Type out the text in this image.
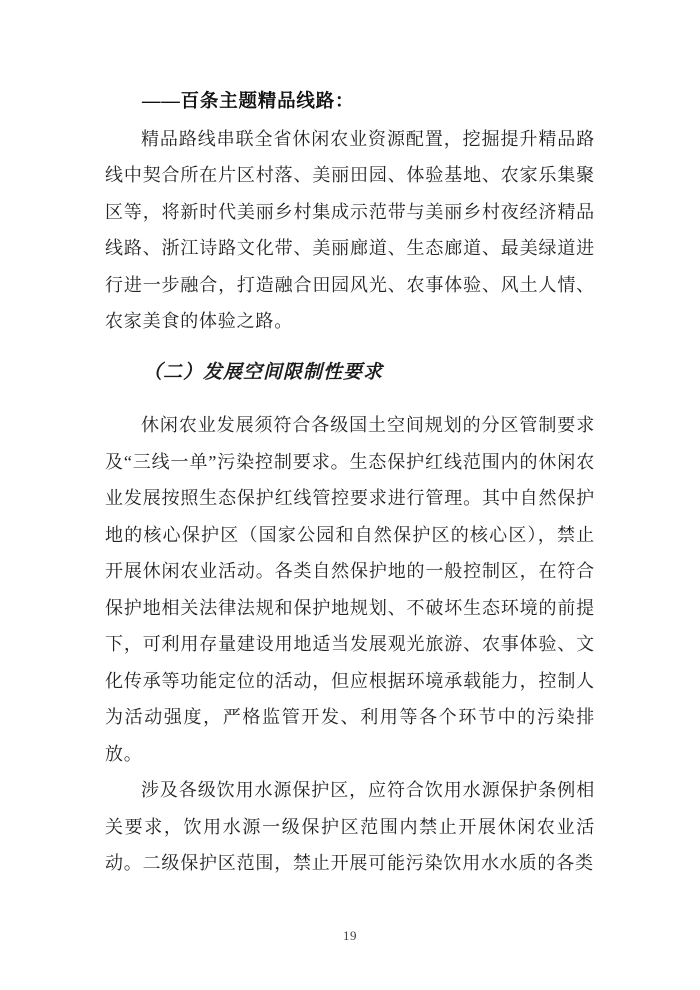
——百条主题精品线路：

精品路线串联全省休闲农业资源配置，挖掘提升精品路线中契合所在片区村落、美丽田园、体验基地、农家乐集聚区等，将新时代美丽乡村集成示范带与美丽乡村夜经济精品线路、浙江诗路文化带、美丽廊道、生态廊道、最美绿道进行进一步融合，打造融合田园风光、农事体验、风土人情、农家美食的体验之路。

（二）发展空间限制性要求

休闲农业发展须符合各级国土空间规划的分区管制要求及“三线一单”污染控制要求。生态保护红线范围内的休闲农业发展按照生态保护红线管控要求进行管理。其中自然保护地的核心保护区（国家公园和自然保护区的核心区），禁止开展休闲农业活动。各类自然保护地的一般控制区，在符合保护地相关法律法规和保护地规划、不破坏生态环境的前提下，可利用存量建设用地适当发展观光旅游、农事体验、文化传承等功能定位的活动，但应根据环境承载能力，控制人为活动强度，严格监管开发、利用等各个环节中的污染排放。

涉及各级饮用水源保护区，应符合饮用水源保护条例相关要求，饮用水源一级保护区范围内禁止开展休闲农业活动。二级保护区范围，禁止开展可能污染饮用水水质的各类

19
